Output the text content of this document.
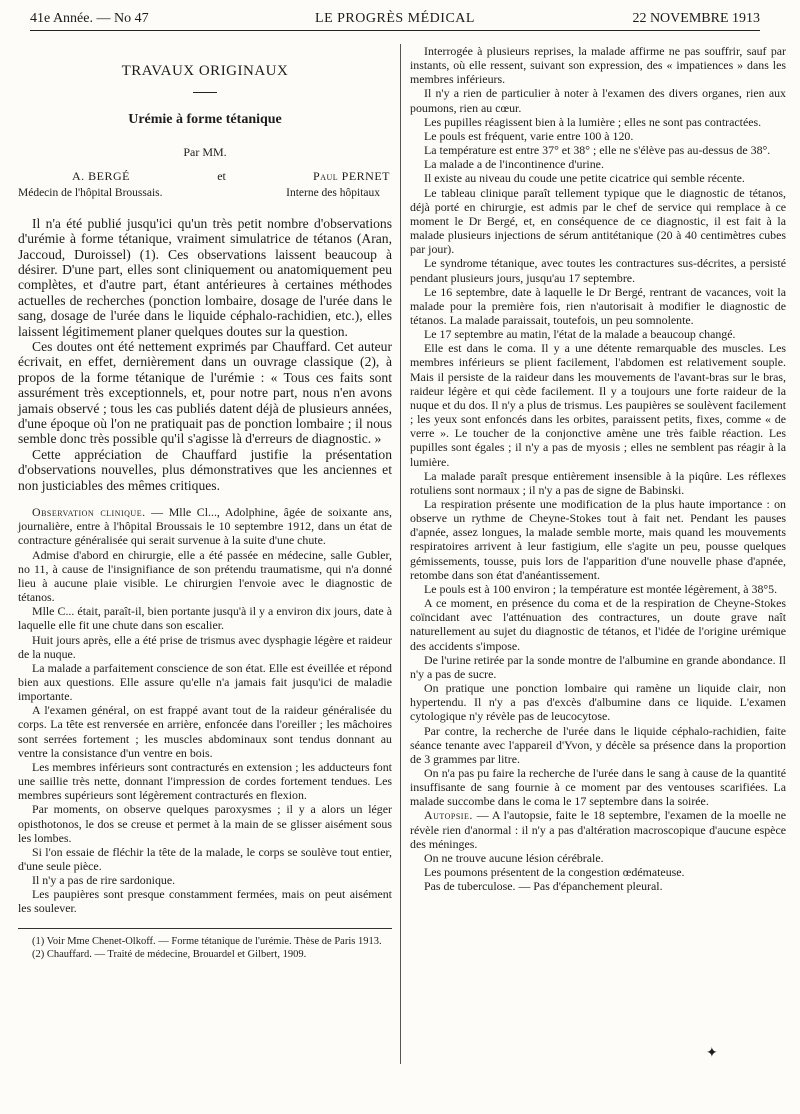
41e Année. — No 47	LE PROGRÈS MÉDICAL	22 NOVEMBRE 1913
TRAVAUX ORIGINAUX
Urémie à forme tétanique
Par MM.
A. BERGÉ	et	Paul PERNET
Médecin de l'hôpital Broussais.	Interne des hôpitaux

Il n'a été publié jusqu'ici qu'un très petit nombre d'observations d'urémie à forme tétanique, vraiment simulatrice de tétanos (Aran, Jaccoud, Duroissel) (1). Ces observations laissent beaucoup à désirer. D'une part, elles sont cliniquement ou anatomiquement peu complètes, et d'autre part, étant antérieures à certaines méthodes actuelles de recherches (ponction lombaire, dosage de l'urée dans le sang, dosage de l'urée dans le liquide céphalo-rachidien, etc.), elles laissent légitimement planer quelques doutes sur la question.

Ces doutes ont été nettement exprimés par Chauffard. Cet auteur écrivait, en effet, dernièrement dans un ouvrage classique (2), à propos de la forme tétanique de l'urémie : « Tous ces faits sont assurément très exceptionnels, et, pour notre part, nous n'en avons jamais observé ; tous les cas publiés datent déjà de plusieurs années, d'une époque où l'on ne pratiquait pas de ponction lombaire ; il nous semble donc très possible qu'il s'agisse là d'erreurs de diagnostic. »

Cette appréciation de Chauffard justifie la présentation d'observations nouvelles, plus démonstratives que les anciennes et non justiciables des mêmes critiques.

Observation clinique. — Mlle Cl..., Adolphine, âgée de soixante ans, journalière, entre à l'hôpital Broussais le 10 septembre 1912, dans un état de contracture généralisée qui serait survenue à la suite d'une chute.

Admise d'abord en chirurgie, elle a été passée en médecine, salle Gubler, no 11, à cause de l'insignifiance de son prétendu traumatisme, qui n'a donné lieu à aucune plaie visible. Le chirurgien l'envoie avec le diagnostic de tétanos.

Mlle C... était, paraît-il, bien portante jusqu'à il y a environ dix jours, date à laquelle elle fit une chute dans son escalier.

Huit jours après, elle a été prise de trismus avec dysphagie légère et raideur de la nuque.

La malade a parfaitement conscience de son état. Elle est éveillée et répond bien aux questions. Elle assure qu'elle n'a jamais fait jusqu'ici de maladie importante.

A l'examen général, on est frappé avant tout de la raideur généralisée du corps. La tête est renversée en arrière, enfoncée dans l'oreiller ; les mâchoires sont serrées fortement ; les muscles abdominaux sont tendus donnant au ventre la consistance d'un ventre en bois.

Les membres inférieurs sont contracturés en extension ; les adducteurs font une saillie très nette, donnant l'impression de cordes fortement tendues. Les membres supérieurs sont légèrement contracturés en flexion.

Par moments, on observe quelques paroxysmes ; il y a alors un léger opisthotonos, le dos se creuse et permet à la main de se glisser aisément sous les lombes.

Si l'on essaie de fléchir la tête de la malade, le corps se soulève tout entier, d'une seule pièce.

Il n'y a pas de rire sardonique.

Les paupières sont presque constamment fermées, mais on peut aisément les soulever.

(1) Voir Mme Chenet-Olkoff. — Forme tétanique de l'urémie. Thèse de Paris 1913.

(2) Chauffard. — Traité de médecine, Brouardel et Gilbert, 1909.

Interrogée à plusieurs reprises, la malade affirme ne pas souffrir, sauf par instants, où elle ressent, suivant son expression, des « impatiences » dans les membres inférieurs.

Il n'y a rien de particulier à noter à l'examen des divers organes, rien aux poumons, rien au cœur.

Les pupilles réagissent bien à la lumière ; elles ne sont pas contractées.

Le pouls est fréquent, varie entre 100 à 120.

La température est entre 37° et 38° ; elle ne s'élève pas au-dessus de 38°.

La malade a de l'incontinence d'urine.

Il existe au niveau du coude une petite cicatrice qui semble récente.

Le tableau clinique paraît tellement typique que le diagnostic de tétanos, déjà porté en chirurgie, est admis par le chef de service qui remplace à ce moment le Dr Bergé, et, en conséquence de ce diagnostic, il est fait à la malade plusieurs injections de sérum antitétanique (20 à 40 centimètres cubes par jour).

Le syndrome tétanique, avec toutes les contractures sus-décrites, a persisté pendant plusieurs jours, jusqu'au 17 septembre.

Le 16 septembre, date à laquelle le Dr Bergé, rentrant de vacances, voit la malade pour la première fois, rien n'autorisait à modifier le diagnostic de tétanos. La malade paraissait, toutefois, un peu somnolente.

Le 17 septembre au matin, l'état de la malade a beaucoup changé.

Elle est dans le coma. Il y a une détente remarquable des muscles. Les membres inférieurs se plient facilement, l'abdomen est relativement souple. Mais il persiste de la raideur dans les mouvements de l'avant-bras sur le bras, raideur légère et qui cède facilement. Il y a toujours une forte raideur de la nuque et du dos. Il n'y a plus de trismus. Les paupières se soulèvent facilement ; les yeux sont enfoncés dans les orbites, paraissent petits, fixes, comme « de verre ». Le toucher de la conjonctive amène une très faible réaction. Les pupilles sont égales ; il n'y a pas de myosis ; elles ne semblent pas réagir à la lumière.

La malade paraît presque entièrement insensible à la piqûre. Les réflexes rotuliens sont normaux ; il n'y a pas de signe de Babinski.

La respiration présente une modification de la plus haute importance : on observe un rythme de Cheyne-Stokes tout à fait net. Pendant les pauses d'apnée, assez longues, la malade semble morte, mais quand les mouvements respiratoires arrivent à leur fastigium, elle s'agite un peu, pousse quelques gémissements, tousse, puis lors de l'apparition d'une nouvelle phase d'apnée, retombe dans son état d'anéantissement.

Le pouls est à 100 environ ; la température est montée légèrement, à 38°5.

A ce moment, en présence du coma et de la respiration de Cheyne-Stokes coïncidant avec l'atténuation des contractures, un doute grave naît naturellement au sujet du diagnostic de tétanos, et l'idée de l'origine urémique des accidents s'impose.

De l'urine retirée par la sonde montre de l'albumine en grande abondance. Il n'y a pas de sucre.

On pratique une ponction lombaire qui ramène un liquide clair, non hypertendu. Il n'y a pas d'excès d'albumine dans ce liquide. L'examen cytologique n'y révèle pas de leucocytose.

Par contre, la recherche de l'urée dans le liquide céphalo-rachidien, faite séance tenante avec l'appareil d'Yvon, y décèle sa présence dans la proportion de 3 grammes par litre.

On n'a pas pu faire la recherche de l'urée dans le sang à cause de la quantité insuffisante de sang fournie à ce moment par des ventouses scarifiées. La malade succombe dans le coma le 17 septembre dans la soirée.

Autopsie. — A l'autopsie, faite le 18 septembre, l'examen de la moelle ne révèle rien d'anormal : il n'y a pas d'altération macroscopique d'aucune espèce des méninges.

On ne trouve aucune lésion cérébrale.

Les poumons présentent de la congestion œdémateuse.

Pas de tuberculose. — Pas d'épanchement pleural.

✦
